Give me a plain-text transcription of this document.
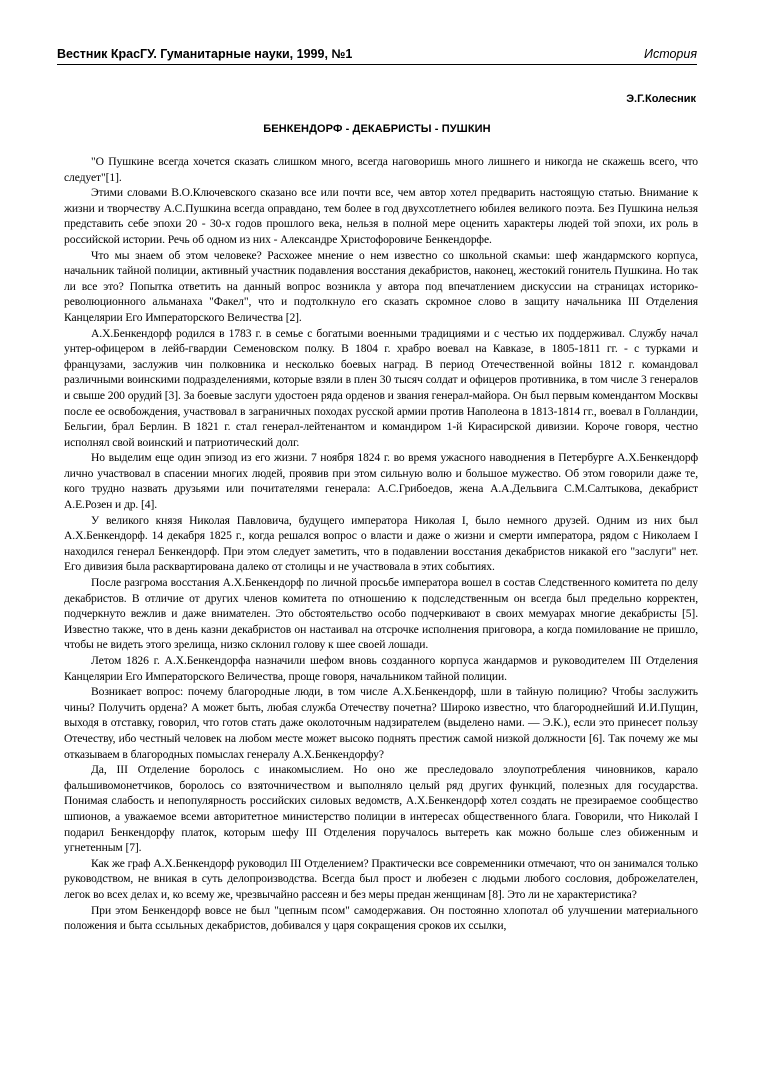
Вестник КрасГУ. Гуманитарные науки, 1999, №1	История
Э.Г.Колесник
БЕНКЕНДОРФ - ДЕКАБРИСТЫ - ПУШКИН

"О Пушкине всегда хочется сказать слишком много, всегда наговоришь много лишнего и никогда не скажешь всего, что следует"[1].

Этими словами В.О.Ключевского сказано все или почти все, чем автор хотел предварить настоящую статью. Внимание к жизни и творчеству А.С.Пушкина всегда оправдано, тем более в год двухсотлетнего юбилея великого поэта. Без Пушкина нельзя представить себе эпохи 20 - 30-х годов прошлого века, нельзя в полной мере оценить характеры людей той эпохи, их роль в российской истории. Речь об одном из них - Александре Христофоровиче Бенкендорфе.

Что мы знаем об этом человеке? Расхожее мнение о нем известно со школьной скамьи: шеф жандармского корпуса, начальник тайной полиции, активный участник подавления восстания декабристов, наконец, жестокий гонитель Пушкина. Но так ли все это? Попытка ответить на данный вопрос возникла у автора под впечатлением дискуссии на страницах историко-революционного альманаха "Факел", что и подтолкнуло его сказать скромное слово в защиту начальника III Отделения Канцелярии Его Императорского Величества [2].

А.Х.Бенкендорф родился в 1783 г. в семье с богатыми военными традициями и с честью их поддерживал. Службу начал унтер-офицером в лейб-гвардии Семеновском полку. В 1804 г. храбро воевал на Кавказе, в 1805-1811 гг. - с турками и французами, заслужив чин полковника и несколько боевых наград. В период Отечественной войны 1812 г. командовал различными воинскими подразделениями, которые взяли в плен 30 тысяч солдат и офицеров противника, в том числе 3 генералов и свыше 200 орудий [3]. За боевые заслуги удостоен ряда орденов и звания генерал-майора. Он был первым комендантом Москвы после ее освобождения, участвовал в заграничных походах русской армии против Наполеона в 1813-1814 гг., воевал в Голландии, Бельгии, брал Берлин. В 1821 г. стал генерал-лейтенантом и командиром 1-й Кирасирской дивизии. Короче говоря, честно исполнял свой воинский и патриотический долг.

Но выделим еще один эпизод из его жизни. 7 ноября 1824 г. во время ужасного наводнения в Петербурге А.Х.Бенкендорф лично участвовал в спасении многих людей, проявив при этом сильную волю и большое мужество. Об этом говорили даже те, кого трудно назвать друзьями или почитателями генерала: А.С.Грибоедов, жена А.А.Дельвига С.М.Салтыкова, декабрист А.Е.Розен и др. [4].

У великого князя Николая Павловича, будущего императора Николая I, было немного друзей. Одним из них был А.Х.Бенкендорф. 14 декабря 1825 г., когда решался вопрос о власти и даже о жизни и смерти императора, рядом с Николаем I находился генерал Бенкендорф. При этом следует заметить, что в подавлении восстания декабристов никакой его "заслуги" нет. Его дивизия была расквартирована далеко от столицы и не участвовала в этих событиях.

После разгрома восстания А.Х.Бенкендорф по личной просьбе императора вошел в состав Следственного комитета по делу декабристов. В отличие от других членов комитета по отношению к подследственным он всегда был предельно корректен, подчеркнуто вежлив и даже внимателен. Это обстоятельство особо подчеркивают в своих мемуарах многие декабристы [5]. Известно также, что в день казни декабристов он настаивал на отсрочке исполнения приговора, а когда помилование не пришло, чтобы не видеть этого зрелища, низко склонил голову к шее своей лошади.

Летом 1826 г. А.Х.Бенкендорфа назначили шефом вновь созданного корпуса жандармов и руководителем III Отделения Канцелярии Его Императорского Величества, проще говоря, начальником тайной полиции.

Возникает вопрос: почему благородные люди, в том числе А.Х.Бенкендорф, шли в тайную полицию? Чтобы заслужить чины? Получить ордена? А может быть, любая служба Отечеству почетна? Широко известно, что благороднейший И.И.Пущин, выходя в отставку, говорил, что готов стать даже околоточным надзирателем (выделено нами. — Э.К.), если это принесет пользу Отечеству, ибо честный человек на любом месте может высоко поднять престиж самой низкой должности [6]. Так почему же мы отказываем в благородных помыслах генералу А.Х.Бенкендорфу?

Да, III Отделение боролось с инакомыслием. Но оно же преследовало злоупотребления чиновников, карало фальшивомонетчиков, боролось со взяточничеством и выполняло целый ряд других функций, полезных для государства. Понимая слабость и непопулярность российских силовых ведомств, А.Х.Бенкендорф хотел создать не презираемое сообщество шпионов, а уважаемое всеми авторитетное министерство полиции в интересах общественного блага. Говорили, что Николай I подарил Бенкендорфу платок, которым шефу III Отделения поручалось вытереть как можно больше слез обиженным и угнетенным [7].

Как же граф А.Х.Бенкендорф руководил III Отделением? Практически все современники отмечают, что он занимался только руководством, не вникая в суть делопроизводства. Всегда был прост и любезен с людьми любого сословия, доброжелателен, легок во всех делах и, ко всему же, чрезвычайно рассеян и без меры предан женщинам [8]. Это ли не характеристика?

При этом Бенкендорф вовсе не был "цепным псом" самодержавия. Он постоянно хлопотал об улучшении материального положения и быта ссыльных декабристов, добивался у царя сокращения сроков их ссылки,
